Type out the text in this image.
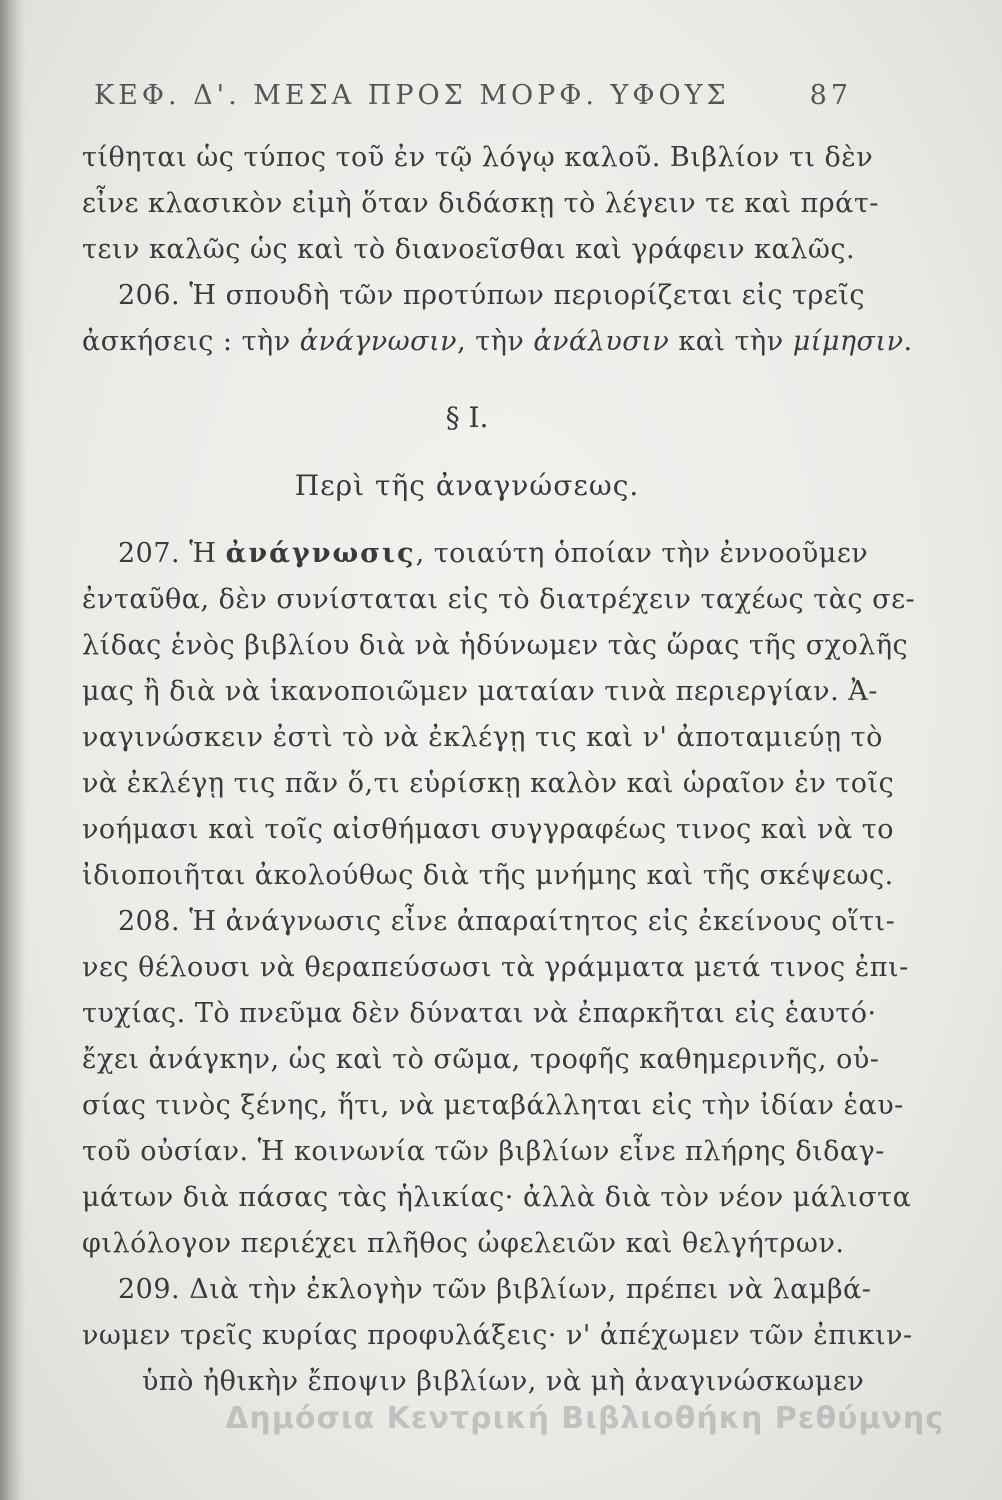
ΚΕΦ. Δ'. ΜΕΣΑ ΠΡΟΣ ΜΟΡΦ. ΥΦΟΥΣ	87
τίθηται ὡς τύπος τοῦ ἐν τῷ λόγῳ καλοῦ. Βιβλίον τι δὲν
εἶνε κλασικὸν εἰμὴ ὅταν διδάσκῃ τὸ λέγειν τε καὶ πράτ-
τειν καλῶς ὡς καὶ τὸ διανοεῖσθαι καὶ γράφειν καλῶς.
206. Ἡ σπουδὴ τῶν προτύπων περιορίζεται εἰς τρεῖς
ἀσκήσεις : τὴν ἀνάγνωσιν, τὴν ἀνάλυσιν καὶ τὴν μίμησιν.
§ I.
Περὶ τῆς ἀναγνώσεως.
207. Ἡ ἀνάγνωσις, τοιαύτη ὁποίαν τὴν ἐννοοῦμεν
ἐνταῦθα, δὲν συνίσταται εἰς τὸ διατρέχειν ταχέως τὰς σε-
λίδας ἑνὸς βιβλίου διὰ νὰ ἡδύνωμεν τὰς ὥρας τῆς σχολῆς
μας ἢ διὰ νὰ ἱκανοποιῶμεν ματαίαν τινὰ περιεργίαν. Ἀ-
ναγινώσκειν ἐστὶ τὸ νὰ ἐκλέγῃ τις καὶ ν' ἀποταμιεύῃ τὸ
νὰ ἐκλέγῃ τις πᾶν ὅ,τι εὑρίσκῃ καλὸν καὶ ὡραῖον ἐν τοῖς
νοήμασι καὶ τοῖς αἰσθήμασι συγγραφέως τινος καὶ νὰ το
ἰδιοποιῆται ἀκολούθως διὰ τῆς μνήμης καὶ τῆς σκέψεως.
208. Ἡ ἀνάγνωσις εἶνε ἀπαραίτητος εἰς ἐκείνους οἵτι-
νες θέλουσι νὰ θεραπεύσωσι τὰ γράμματα μετά τινος ἐπι-
τυχίας. Τὸ πνεῦμα δὲν δύναται νὰ ἐπαρκῆται εἰς ἑαυτό·
ἔχει ἀνάγκην, ὡς καὶ τὸ σῶμα, τροφῆς καθημερινῆς, οὐ-
σίας τινὸς ξένης, ἥτι, νὰ μεταβάλληται εἰς τὴν ἰδίαν ἑαυ-
τοῦ οὐσίαν. Ἡ κοινωνία τῶν βιβλίων εἶνε πλήρης διδαγ-
μάτων διὰ πάσας τὰς ἡλικίας· ἀλλὰ διὰ τὸν νέον μάλιστα
φιλόλογον περιέχει πλῆθος ὠφελειῶν καὶ θελγήτρων.
209. Διὰ τὴν ἐκλογὴν τῶν βιβλίων, πρέπει νὰ λαμβά-
νωμεν τρεῖς κυρίας προφυλάξεις· ν' ἀπέχωμεν τῶν ἐπικιν-
ὑπὸ ἠθικὴν ἔποψιν βιβλίων, νὰ μὴ ἀναγινώσκωμεν
Δημόσια Κεντρική Βιβλιοθήκη Ρεθύμνης
